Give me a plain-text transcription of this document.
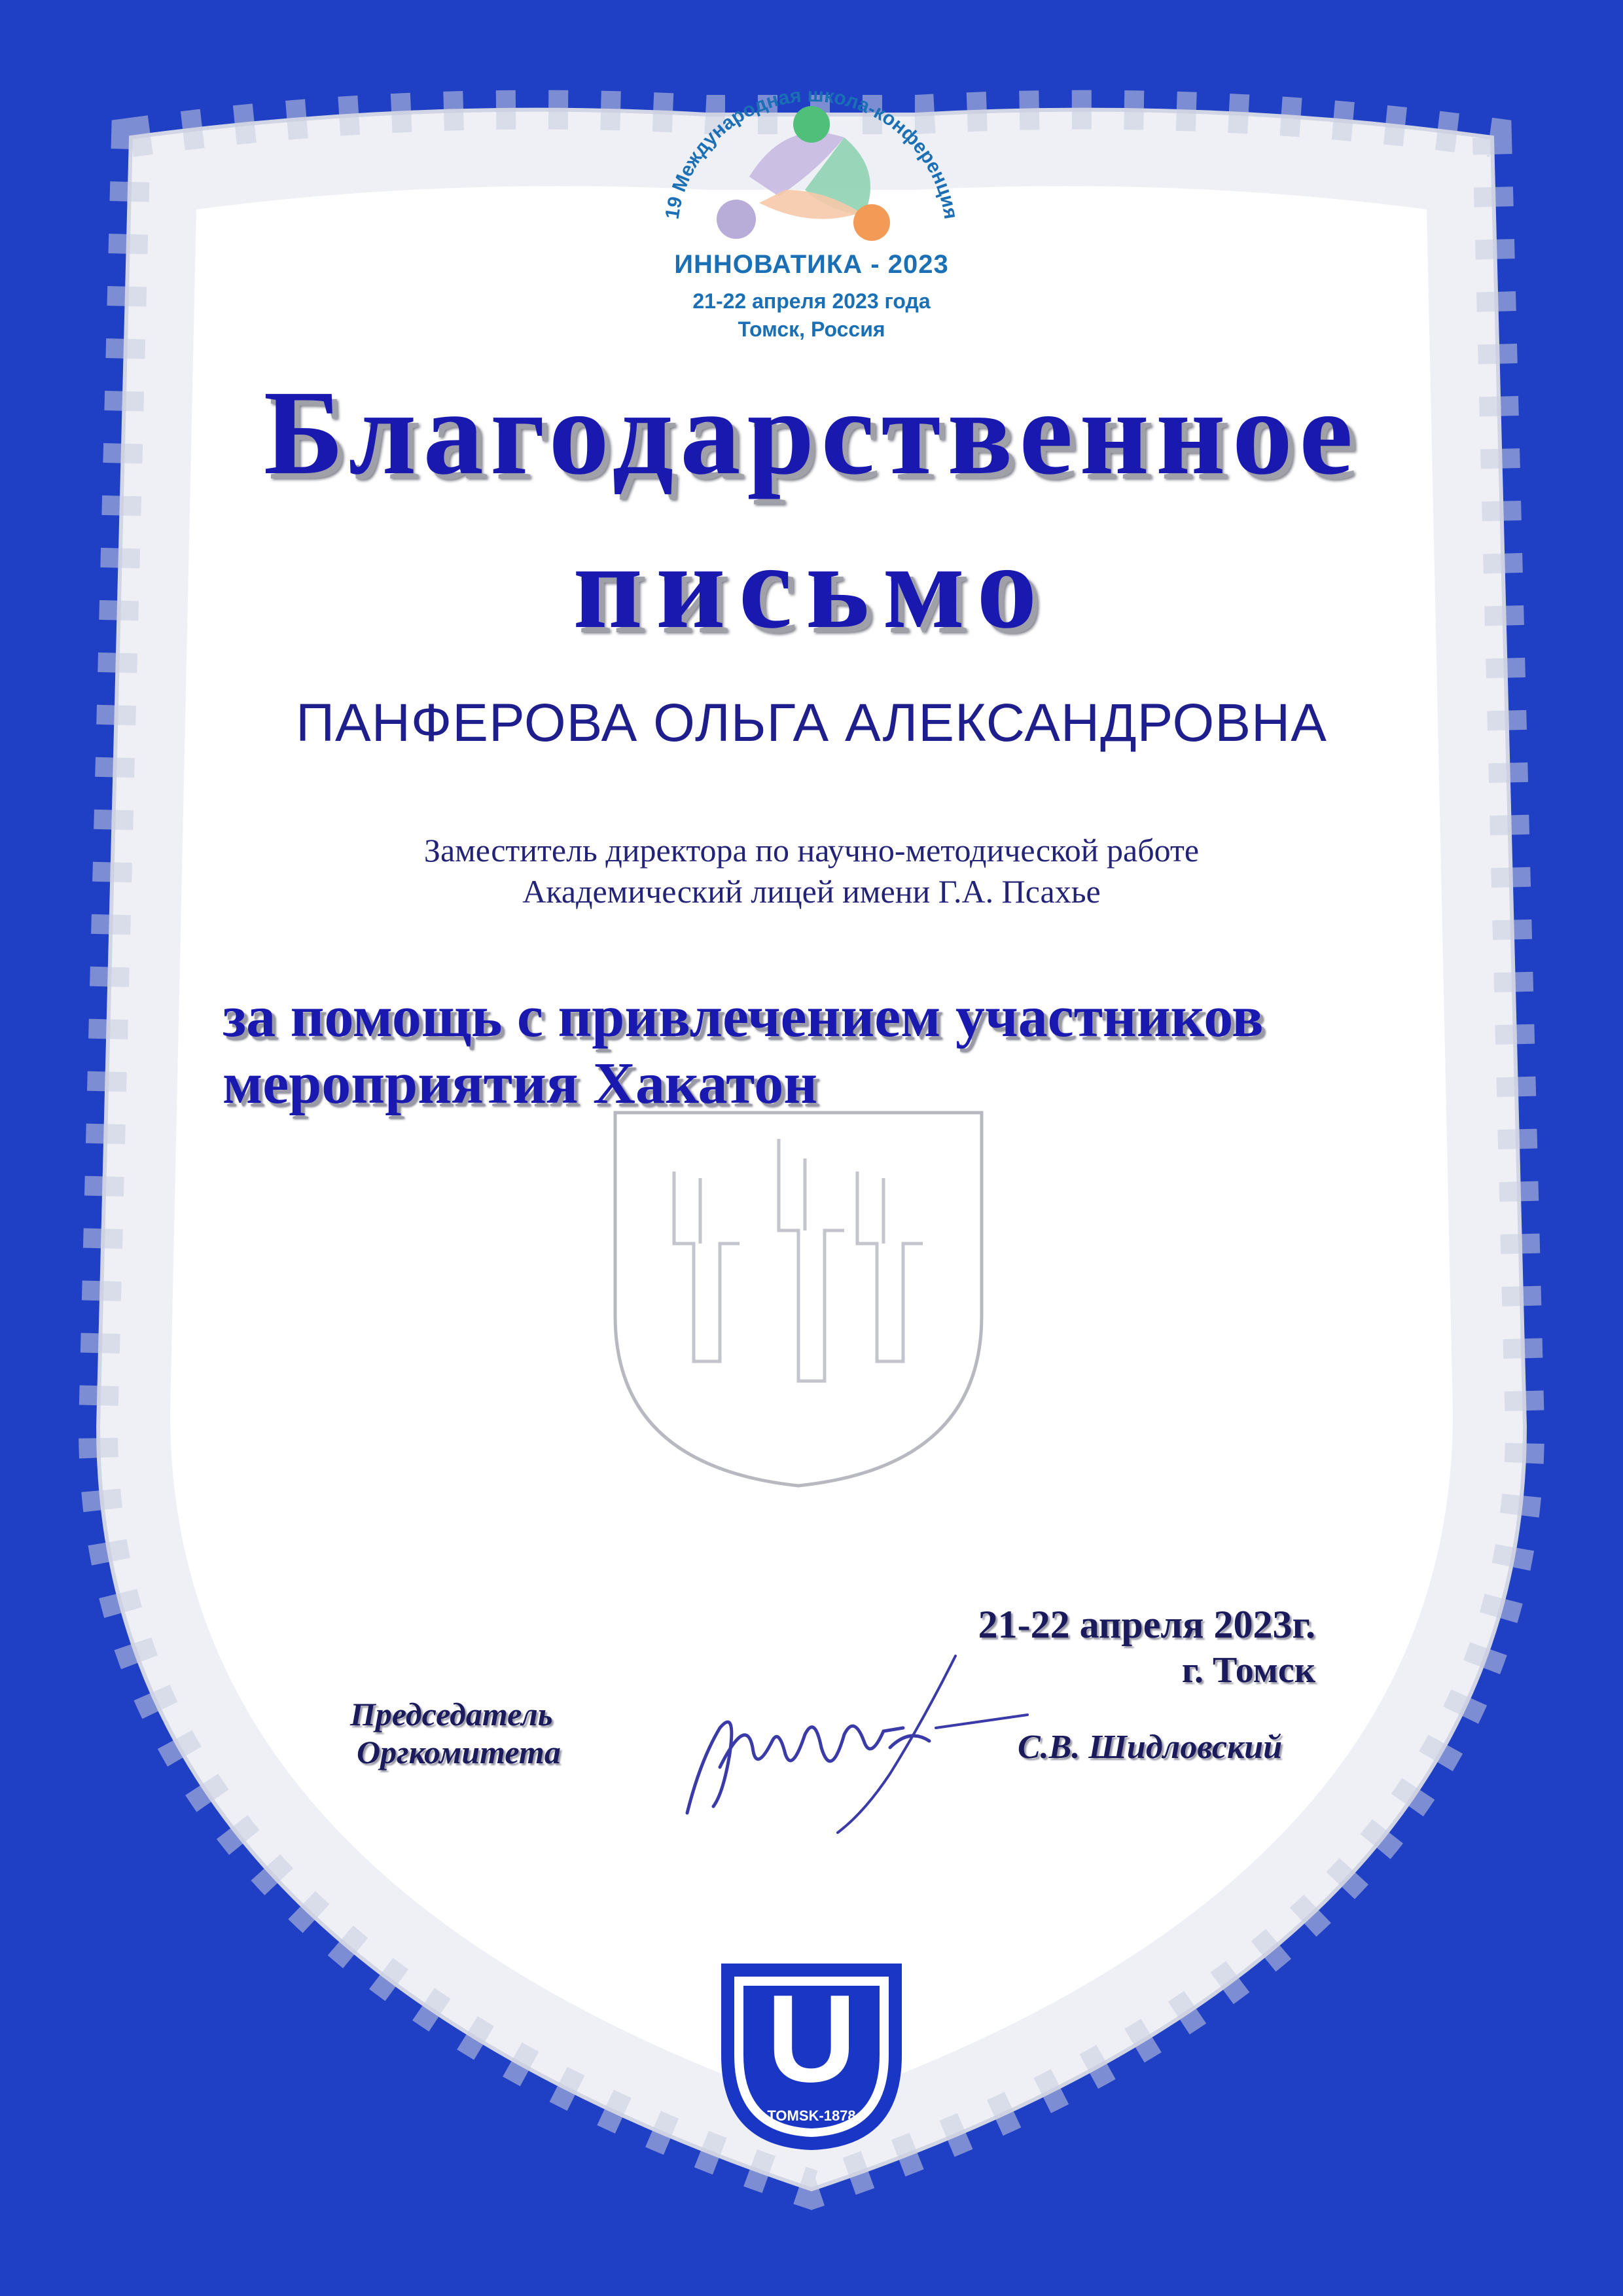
19 Международная школа-конференция
ИННОВАТИКА - 2023
21-22 апреля 2023 года
Томск, Россия
Благодарственное
письмо
ПАНФЕРОВА ОЛЬГА АЛЕКСАНДРОВНА
Заместитель директора по научно-методической работе
Академический лицей имени Г.А. Псахье
за помощь с привлечением участников
мероприятия Хакатон
21-22 апреля 2023г.
г. Томск
Председатель
Оргкомитета	С.В. Шидловский
U
TOMSK-1878
